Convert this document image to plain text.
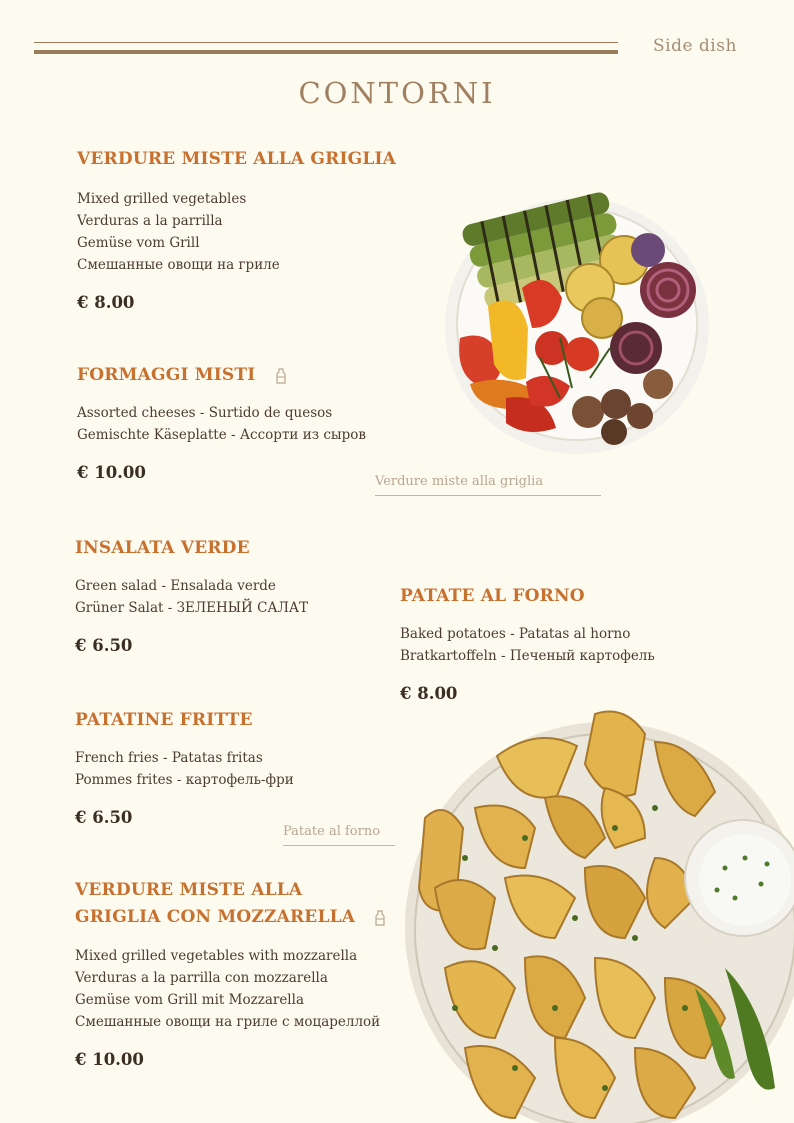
Side dish
CONTORNI
VERDURE MISTE ALLA GRIGLIA
Mixed grilled vegetables
Verduras a la parrilla
Gemüse vom Grill
Смешанные овощи на гриле
€ 8.00
FORMAGGI MISTI
Assorted cheeses - Surtido de quesos
Gemischte Käseplatte - Ассорти из сыров
€ 10.00	Verdure miste alla griglia
INSALATA VERDE
Green salad - Ensalada verde
Grüner Salat - ЗЕЛЕНЫЙ САЛАТ
€ 6.50
PATATE AL FORNO
Baked potatoes - Patatas al horno
Bratkartoffeln - Печеный картофель
€ 8.00
PATATINE FRITTE
French fries - Patatas fritas
Pommes frites - картофель-фри
€ 6.50
Patate al forno
VERDURE MISTE ALLA
GRIGLIA CON MOZZARELLA
Mixed grilled vegetables with mozzarella
Verduras a la parrilla con mozzarella
Gemüse vom Grill mit Mozzarella
Смешанные овощи на гриле с моцареллой
€ 10.00
